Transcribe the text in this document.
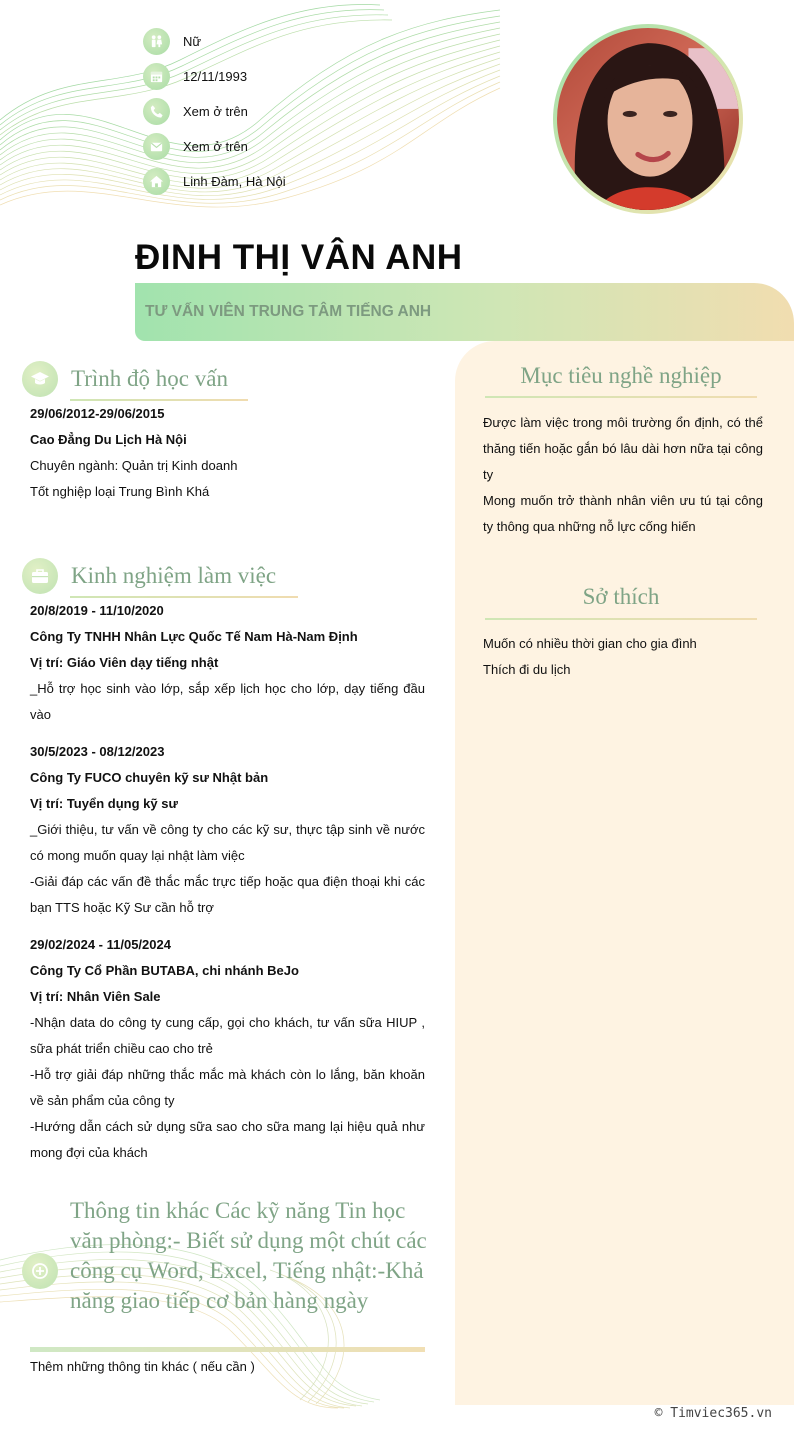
Nữ
12/11/1993
Xem ở trên
Xem ở trên
Linh Đàm, Hà Nội
ĐINH THỊ VÂN ANH
TƯ VẤN VIÊN TRUNG TÂM TIẾNG ANH
Trình độ học vấn
29/06/2012-29/06/2015
Cao Đẳng Du Lịch Hà Nội
Chuyên ngành: Quản trị Kinh doanh
Tốt nghiệp loại Trung Bình Khá
Kinh nghiệm làm việc
20/8/2019 - 11/10/2020
Công Ty TNHH Nhân Lực Quốc Tế Nam Hà-Nam Định
Vị trí: Giáo Viên dạy tiếng nhật
_Hỗ trợ học sinh vào lớp, sắp xếp lịch học cho lớp, dạy tiếng đầu vào
30/5/2023 - 08/12/2023
Công Ty FUCO chuyên kỹ sư Nhật bản
Vị trí: Tuyển dụng kỹ sư
_Giới thiệu, tư vấn về công ty cho các kỹ sư, thực tập sinh về nước có mong muốn quay lại nhật làm việc
-Giải đáp các vấn đề thắc mắc trực tiếp hoặc qua điện thoại khi các bạn TTS hoặc Kỹ Sư cần hỗ trợ
29/02/2024 - 11/05/2024
Công Ty Cổ Phần BUTABA, chi nhánh BeJo
Vị trí: Nhân Viên Sale
-Nhận data do công ty cung cấp, gọi cho khách, tư vấn sữa HIUP , sữa phát triển chiều cao cho trẻ
-Hỗ trợ giải đáp những thắc mắc mà khách còn lo lắng, băn khoăn về sản phẩm của công ty
-Hướng dẫn cách sử dụng sữa sao cho sữa mang lại hiệu quả như mong đợi của khách
Mục tiêu nghề nghiệp
Được làm việc trong môi trường ổn định, có thể thăng tiến hoặc gắn bó lâu dài hơn nữa tại công ty
Mong muốn trở thành nhân viên ưu tú tại công ty thông qua những nỗ lực cống hiến
Sở thích
Muốn có nhiều thời gian cho gia đình
Thích đi du lịch
Thông tin khác Các kỹ năng Tin học văn phòng:- Biết sử dụng một chút các công cụ Word, Excel, Tiếng nhật:-Khả năng giao tiếp cơ bản hàng ngày
Thêm những thông tin khác ( nếu cần )
© Timviec365.vn
